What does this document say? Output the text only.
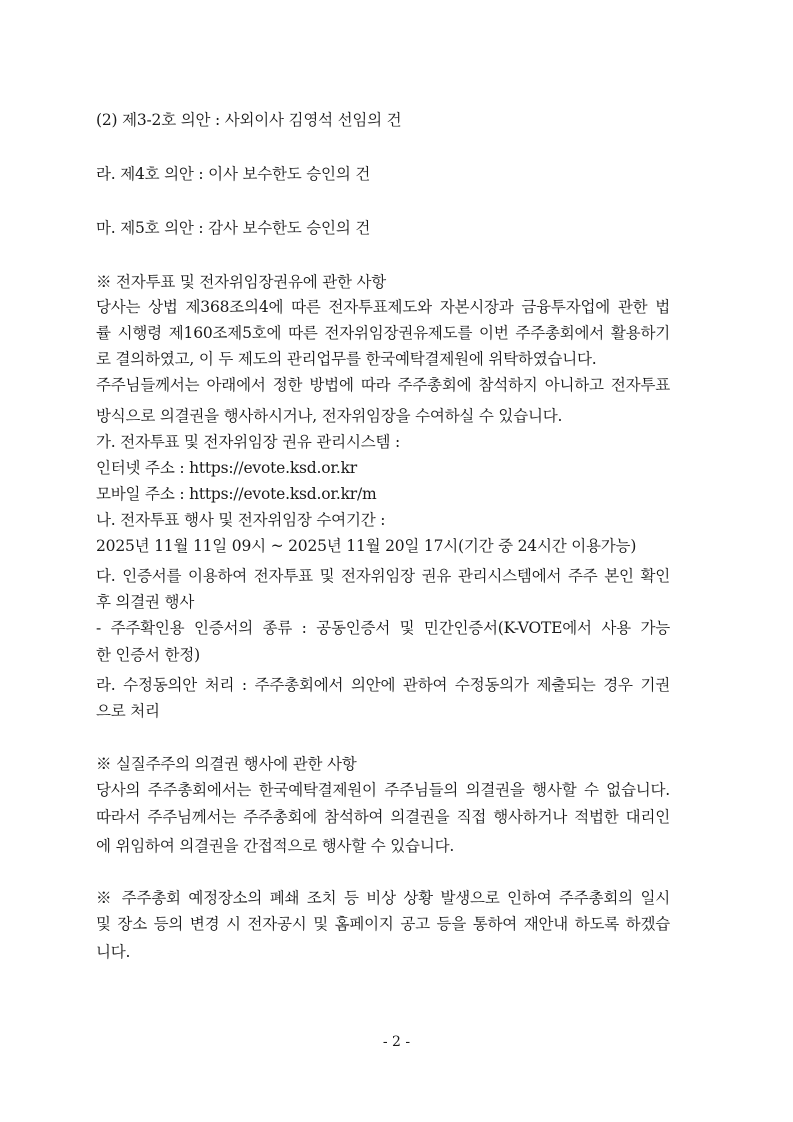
(2) 제3-2호 의안 : 사외이사 김영석 선임의 건
라. 제4호 의안 : 이사 보수한도 승인의 건
마. 제5호 의안 : 감사 보수한도 승인의 건
※ 전자투표 및 전자위임장권유에 관한 사항
당사는 상법 제368조의4에 따른 전자투표제도와 자본시장과 금융투자업에 관한 법
률 시행령 제160조제5호에 따른 전자위임장권유제도를 이번 주주총회에서 활용하기
로 결의하였고, 이 두 제도의 관리업무를 한국예탁결제원에 위탁하였습니다.
주주님들께서는 아래에서 정한 방법에 따라 주주총회에 참석하지 아니하고 전자투표
방식으로 의결권을 행사하시거나, 전자위임장을 수여하실 수 있습니다.
가. 전자투표 및 전자위임장 권유 관리시스템 :
인터넷 주소 : https://evote.ksd.or.kr
모바일 주소 : https://evote.ksd.or.kr/m
나. 전자투표 행사 및 전자위임장 수여기간 :
2025년 11월 11일 09시 ~ 2025년 11월 20일 17시(기간 중 24시간 이용가능)
다. 인증서를 이용하여 전자투표 및 전자위임장 권유 관리시스템에서 주주 본인 확인
후 의결권 행사
- 주주확인용 인증서의 종류 : 공동인증서 및 민간인증서(K-VOTE에서 사용 가능
한 인증서 한정)
라. 수정동의안 처리 : 주주총회에서 의안에 관하여 수정동의가 제출되는 경우 기권
으로 처리
※ 실질주주의 의결권 행사에 관한 사항
당사의 주주총회에서는 한국예탁결제원이 주주님들의 의결권을 행사할 수 없습니다.
따라서 주주님께서는 주주총회에 참석하여 의결권을 직접 행사하거나 적법한 대리인
에 위임하여 의결권을 간접적으로 행사할 수 있습니다.
※ 주주총회 예정장소의 폐쇄 조치 등 비상 상황 발생으로 인하여 주주총회의 일시
및 장소 등의 변경 시 전자공시 및 홈페이지 공고 등을 통하여 재안내 하도록 하겠습
니다.
- 2 -
